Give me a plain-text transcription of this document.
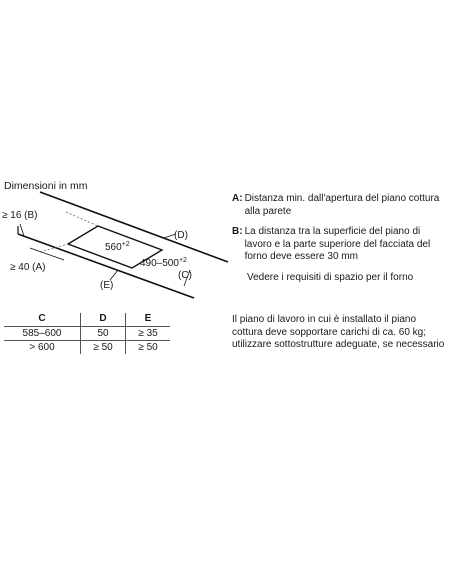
Dimensioni in mm
≥ 16 (B)
≥ 40 (A)
(D)
(E)
(C)
$560^{+2}$
$490-500^{+2}$
C	D	E
585–600	50	≥ 35
> 600	≥ 50	≥ 50
A: Distanza min. dall'apertura del piano cottura alla parete
B: La distanza tra la superficie del piano di lavoro e la parte superiore del facciata del forno deve essere 30 mm
Vedere i requisiti di spazio per il forno
Il piano di lavoro in cui è installato il piano cottura deve sopportare carichi di ca. 60 kg; utilizzare sottostrutture adeguate, se necessario
